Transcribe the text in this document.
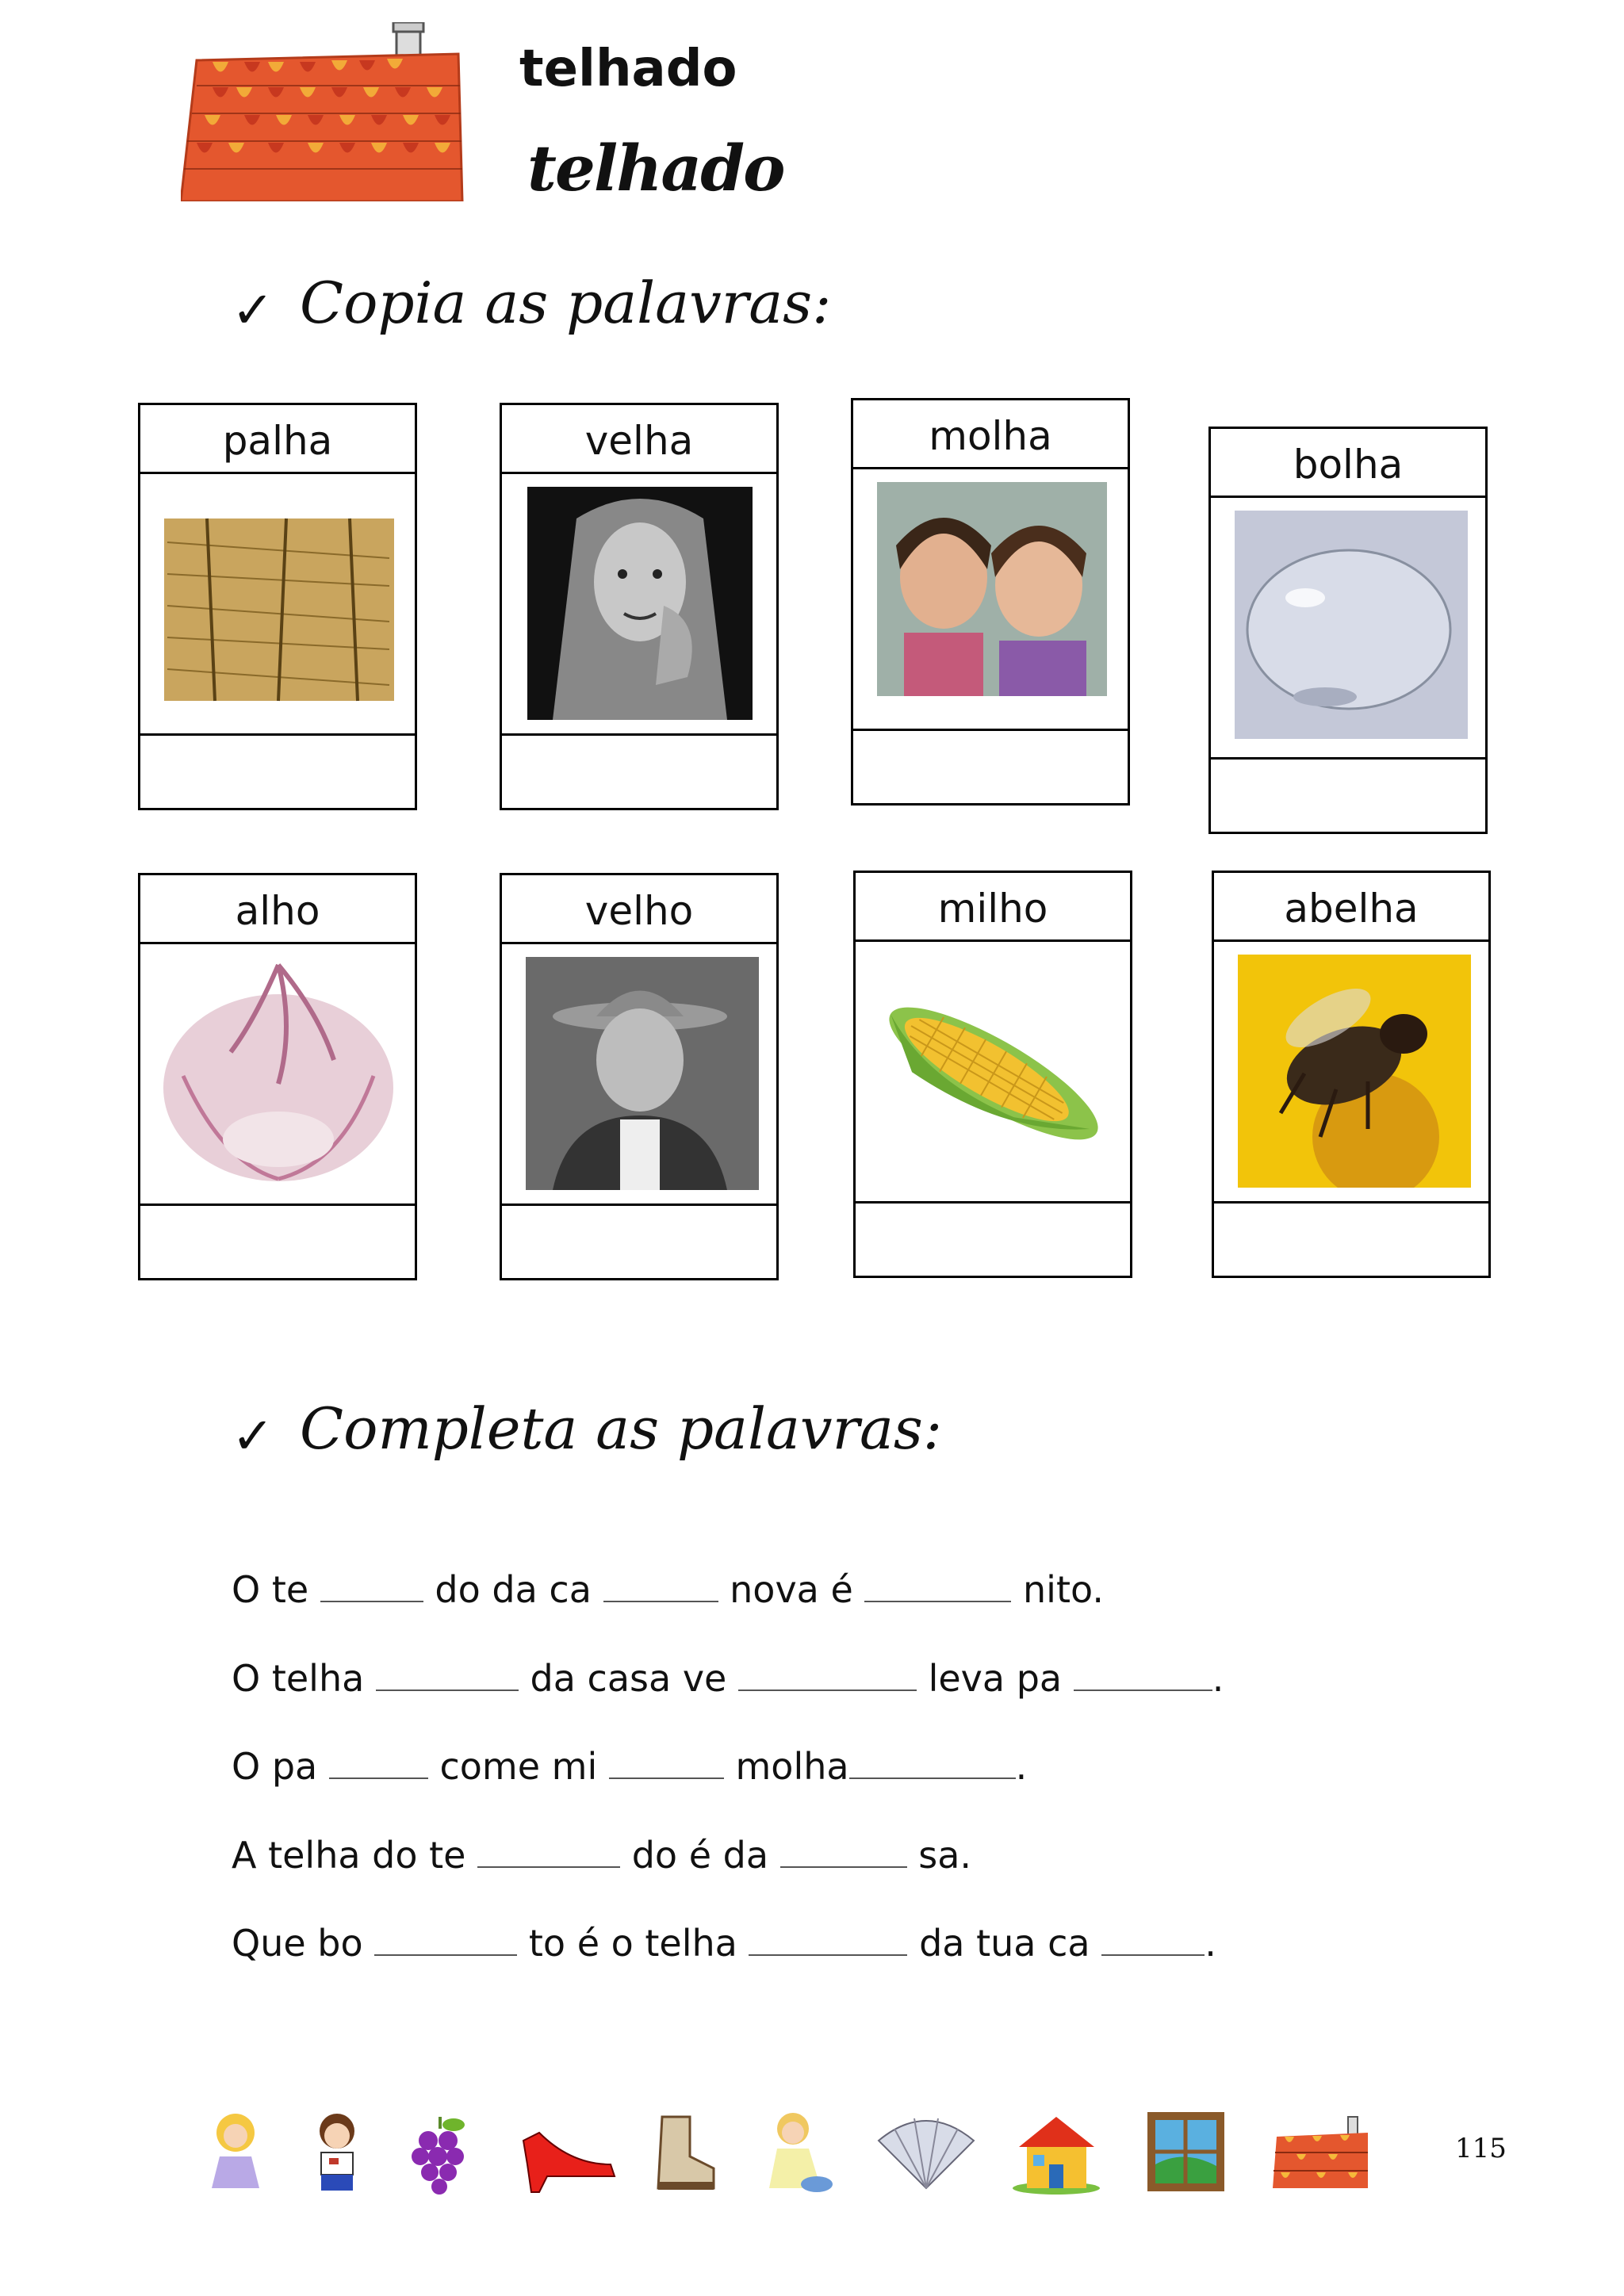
telhado
telhado
✓ Copia as palavras:
palha	velha	molha
bolha
alho	velho	milho	abelha
✓ Completa as palavras:
O te	do da ca	nova é	nito.
O telha	da casa ve	leva pa	.
O pa	come mi	molha	.
A telha do te	do é da	sa.
Que bo	to é o telha	da tua ca	.
115
